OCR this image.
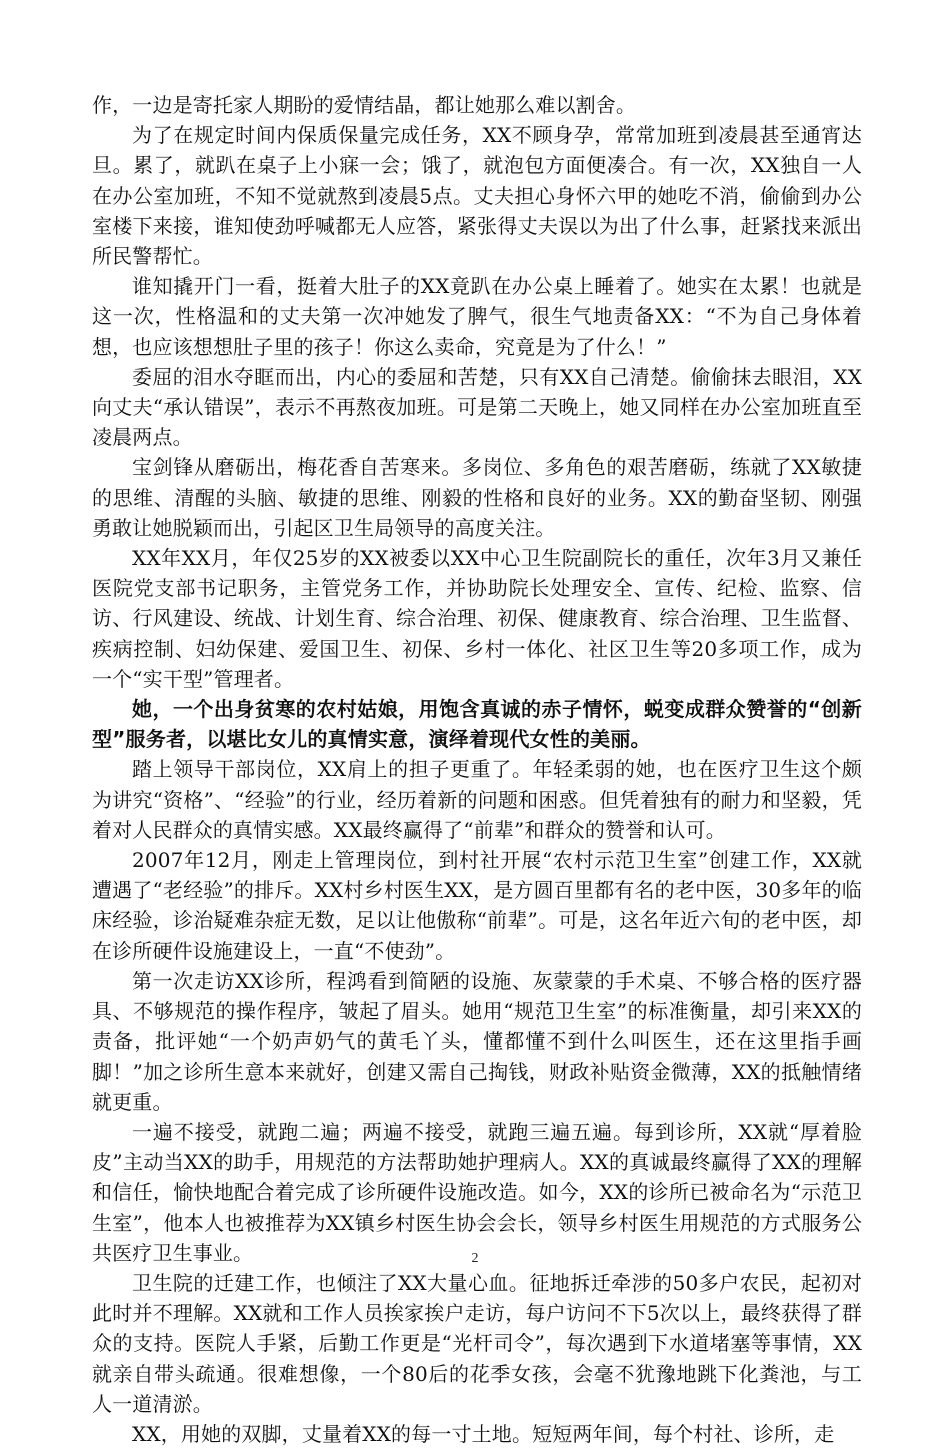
作，一边是寄托家人期盼的爱情结晶，都让她那么难以割舍。

为了在规定时间内保质保量完成任务，XX不顾身孕，常常加班到凌晨甚至通宵达旦。累了，就趴在桌子上小寐一会；饿了，就泡包方面便凑合。有一次，XX独自一人在办公室加班，不知不觉就熬到凌晨5点。丈夫担心身怀六甲的她吃不消，偷偷到办公室楼下来接，谁知使劲呼喊都无人应答，紧张得丈夫误以为出了什么事，赶紧找来派出所民警帮忙。

谁知撬开门一看，挺着大肚子的XX竟趴在办公桌上睡着了。她实在太累！也就是这一次，性格温和的丈夫第一次冲她发了脾气，很生气地责备XX：“不为自己身体着想，也应该想想肚子里的孩子！你这么卖命，究竟是为了什么！”

委屈的泪水夺眶而出，内心的委屈和苦楚，只有XX自己清楚。偷偷抹去眼泪，XX向丈夫“承认错误”，表示不再熬夜加班。可是第二天晚上，她又同样在办公室加班直至凌晨两点。

宝剑锋从磨砺出，梅花香自苦寒来。多岗位、多角色的艰苦磨砺，练就了XX敏捷的思维、清醒的头脑、敏捷的思维、刚毅的性格和良好的业务。XX的勤奋坚韧、刚强勇敢让她脱颖而出，引起区卫生局领导的高度关注。

XX年XX月，年仅25岁的XX被委以XX中心卫生院副院长的重任，次年3月又兼任医院党支部书记职务，主管党务工作，并协助院长处理安全、宣传、纪检、监察、信访、行风建设、统战、计划生育、综合治理、初保、健康教育、综合治理、卫生监督、疾病控制、妇幼保建、爱国卫生、初保、乡村一体化、社区卫生等20多项工作，成为一个“实干型”管理者。

她，一个出身贫寒的农村姑娘，用饱含真诚的赤子情怀，蜕变成群众赞誉的“创新型”服务者，以堪比女儿的真情实意，演绎着现代女性的美丽。

踏上领导干部岗位，XX肩上的担子更重了。年轻柔弱的她，也在医疗卫生这个颇为讲究“资格”、“经验”的行业，经历着新的问题和困惑。但凭着独有的耐力和坚毅，凭着对人民群众的真情实感。XX最终赢得了“前辈”和群众的赞誉和认可。

2007年12月，刚走上管理岗位，到村社开展“农村示范卫生室”创建工作，XX就遭遇了“老经验”的排斥。XX村乡村医生XX，是方圆百里都有名的老中医，30多年的临床经验，诊治疑难杂症无数，足以让他傲称“前辈”。可是，这名年近六旬的老中医，却在诊所硬件设施建设上，一直“不使劲”。

第一次走访XX诊所，程鸿看到简陋的设施、灰蒙蒙的手术桌、不够合格的医疗器具、不够规范的操作程序，皱起了眉头。她用“规范卫生室”的标准衡量，却引来XX的责备，批评她“一个奶声奶气的黄毛丫头，懂都懂不到什么叫医生，还在这里指手画脚！”加之诊所生意本来就好，创建又需自己掏钱，财政补贴资金微薄，XX的抵触情绪就更重。

一遍不接受，就跑二遍；两遍不接受，就跑三遍五遍。每到诊所，XX就“厚着脸皮”主动当XX的助手，用规范的方法帮助她护理病人。XX的真诚最终赢得了XX的理解和信任，愉快地配合着完成了诊所硬件设施改造。如今，XX的诊所已被命名为“示范卫生室”，他本人也被推荐为XX镇乡村医生协会会长，领导乡村医生用规范的方式服务公共医疗卫生事业。

卫生院的迁建工作，也倾注了XX大量心血。征地拆迁牵涉的50多户农民，起初对此时并不理解。XX就和工作人员挨家挨户走访，每户访问不下5次以上，最终获得了群众的支持。医院人手紧，后勤工作更是“光杆司令”，每次遇到下水道堵塞等事情，XX就亲自带头疏通。很难想像，一个80后的花季女孩，会毫不犹豫地跳下化粪池，与工人一道清淤。

XX，用她的双脚，丈量着XX的每一寸土地。短短两年间，每个村社、诊所，走

2
